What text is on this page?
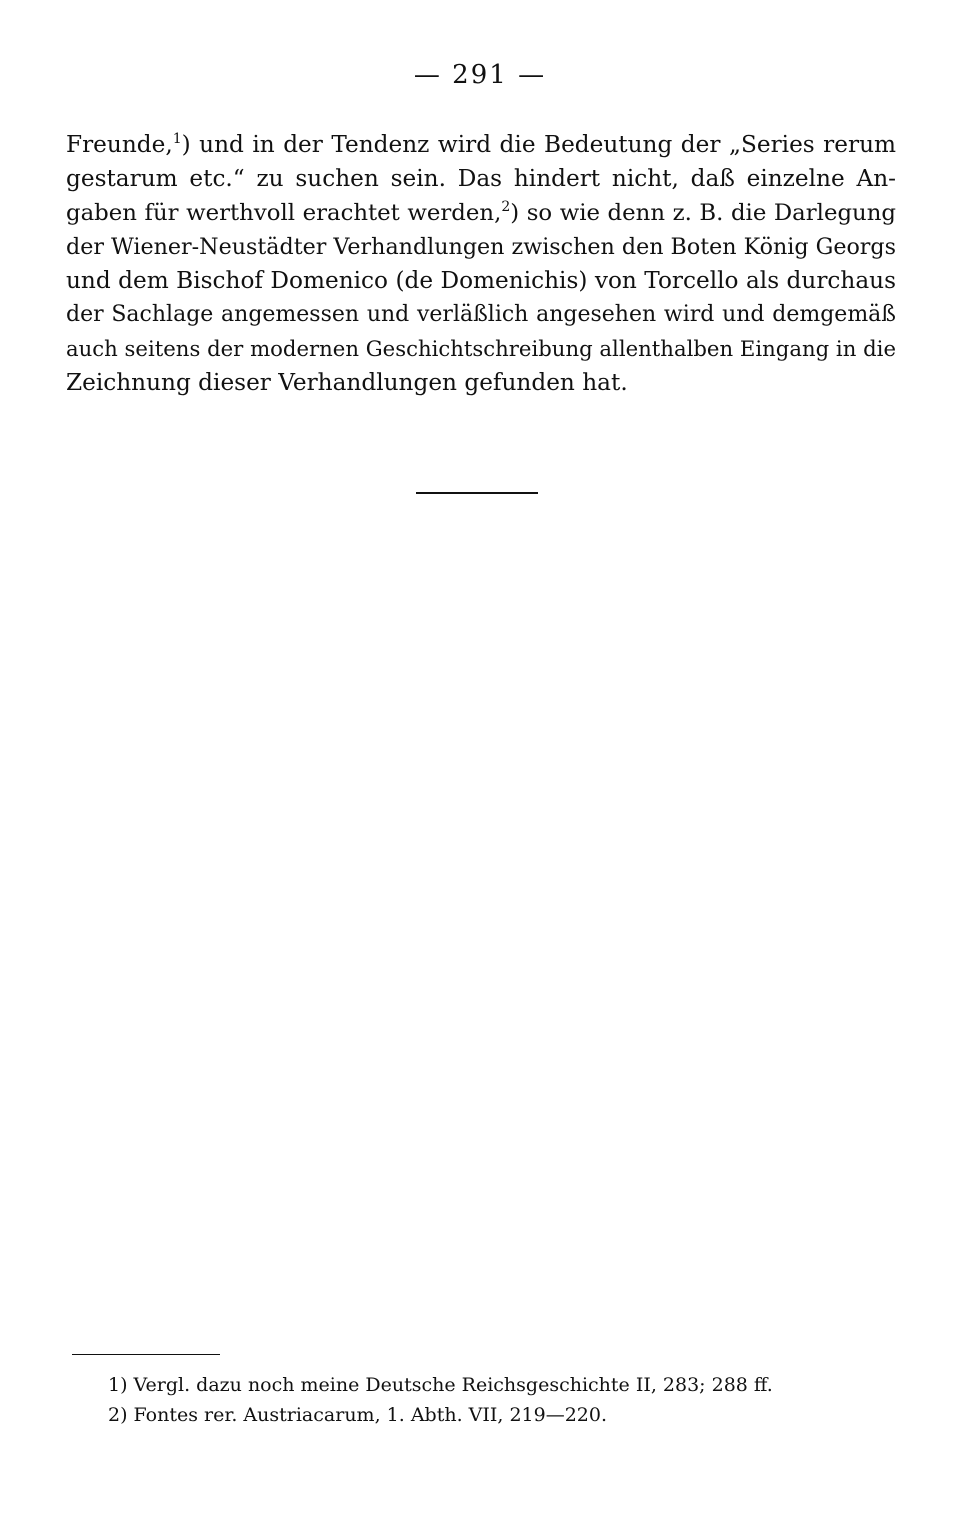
— 291 —
Freunde,$^1$) und in der Tendenz wird die Bedeutung der „Series rerum
gestarum etc.“ zu suchen sein. Das hindert nicht, daß einzelne An-
gaben für werthvoll erachtet werden,$^2$) so wie denn z. B. die Darlegung
der Wiener-Neustädter Verhandlungen zwischen den Boten König Georgs
und dem Bischof Domenico (de Domenichis) von Torcello als durchaus
der Sachlage angemessen und verläßlich angesehen wird und demgemäß
auch seitens der modernen Geschichtschreibung allenthalben Eingang in die
Zeichnung dieser Verhandlungen gefunden hat.
1) Vergl. dazu noch meine Deutsche Reichsgeschichte II, 283; 288 ff.
2) Fontes rer. Austriacarum, 1. Abth. VII, 219—220.
